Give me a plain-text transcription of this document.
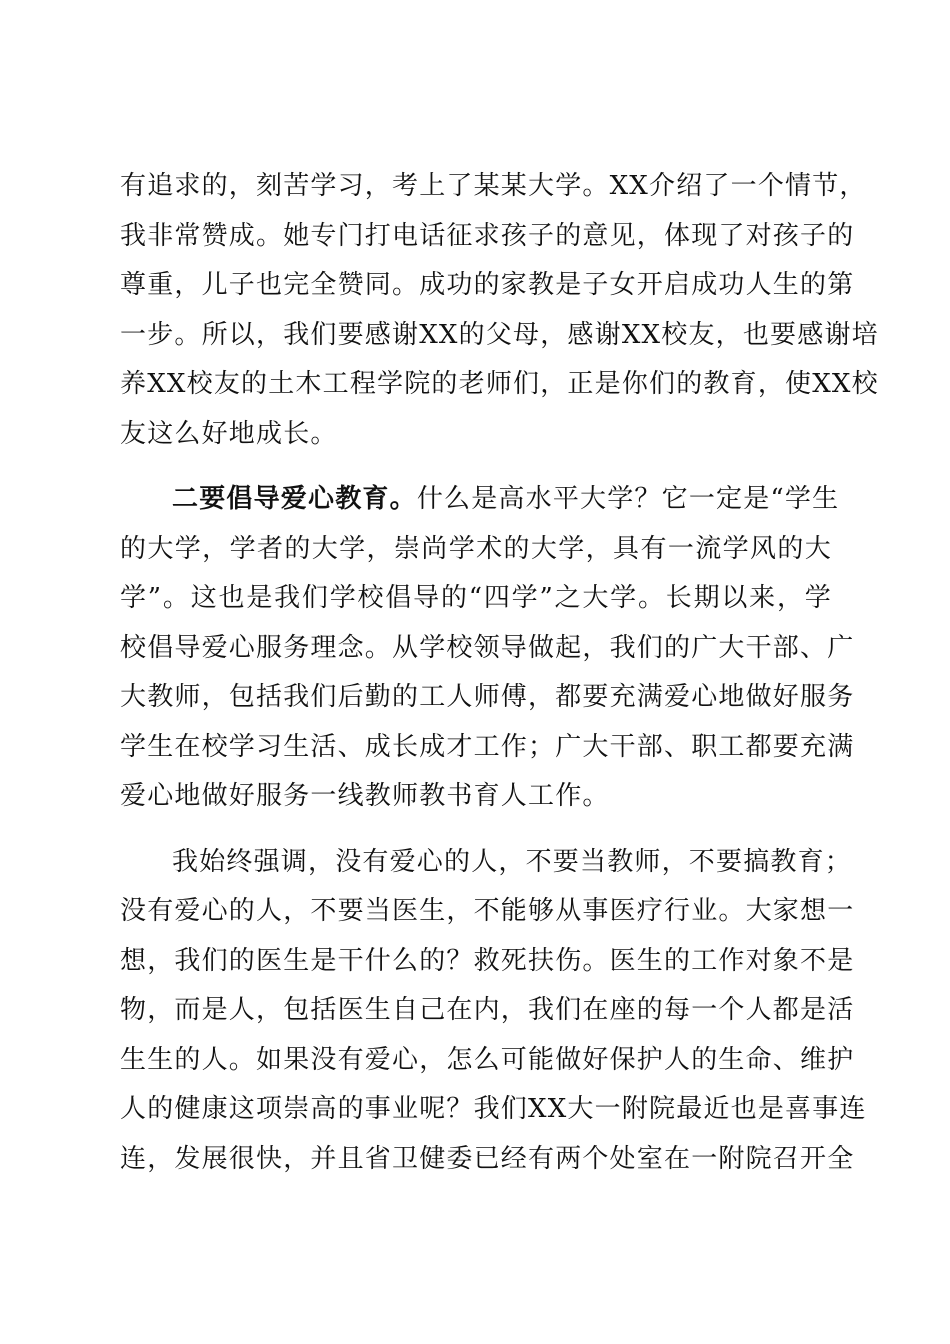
有追求的，刻苦学习，考上了某某大学。XX介绍了一个情节，
我非常赞成。她专门打电话征求孩子的意见，体现了对孩子的
尊重，儿子也完全赞同。成功的家教是子女开启成功人生的第
一步。所以，我们要感谢XX的父母，感谢XX校友，也要感谢培
养XX校友的土木工程学院的老师们，正是你们的教育，使XX校
友这么好地成长。
二要倡导爱心教育。什么是高水平大学？它一定是“学生
的大学，学者的大学，崇尚学术的大学，具有一流学风的大
学”。这也是我们学校倡导的“四学”之大学。长期以来，学
校倡导爱心服务理念。从学校领导做起，我们的广大干部、广
大教师，包括我们后勤的工人师傅，都要充满爱心地做好服务
学生在校学习生活、成长成才工作；广大干部、职工都要充满
爱心地做好服务一线教师教书育人工作。
我始终强调，没有爱心的人，不要当教师，不要搞教育；
没有爱心的人，不要当医生，不能够从事医疗行业。大家想一
想，我们的医生是干什么的？救死扶伤。医生的工作对象不是
物，而是人，包括医生自己在内，我们在座的每一个人都是活
生生的人。如果没有爱心，怎么可能做好保护人的生命、维护
人的健康这项崇高的事业呢？我们XX大一附院最近也是喜事连
连，发展很快，并且省卫健委已经有两个处室在一附院召开全
